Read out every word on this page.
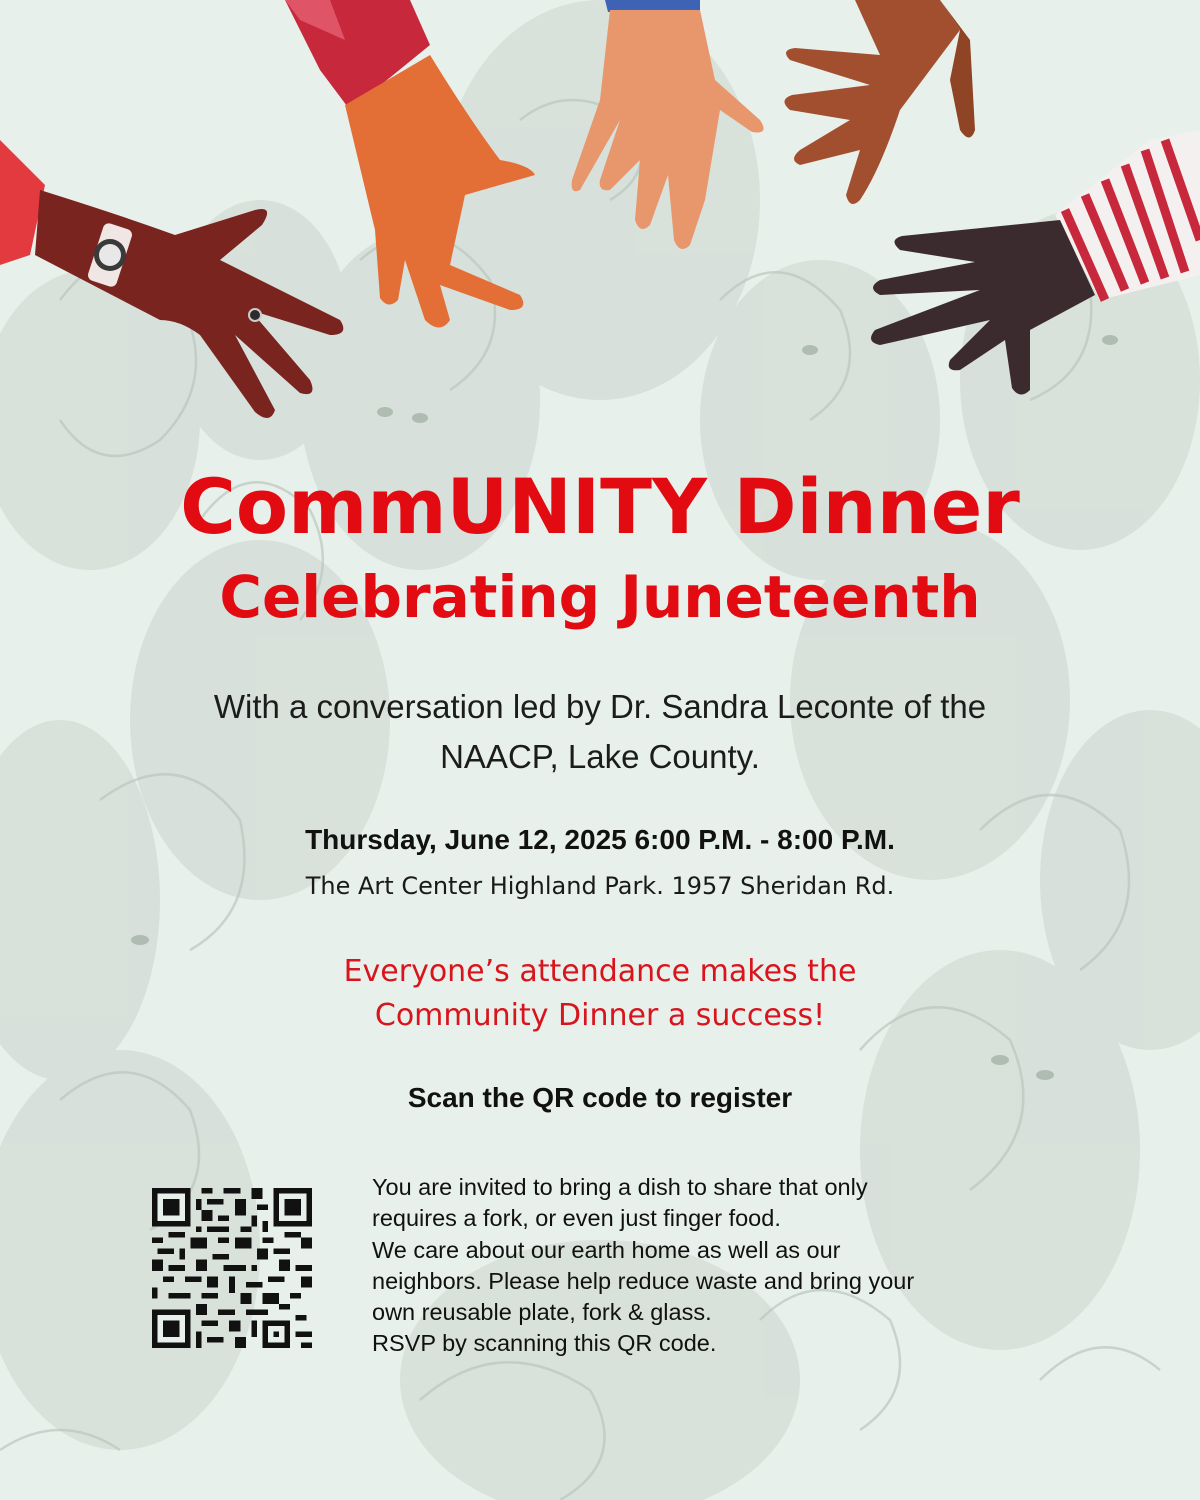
CommUNITY Dinner
Celebrating Juneteenth
With a conversation led by Dr. Sandra Leconte of the
NAACP, Lake County.
Thursday, June 12, 2025 6:00 P.M. - 8:00 P.M.
The Art Center Highland Park. 1957 Sheridan Rd.
Everyone’s attendance makes the
Community Dinner a success!
Scan the QR code to register
You are invited to bring a dish to share that only
requires a fork, or even just finger food.
We care about our earth home as well as our
neighbors. Please help reduce waste and bring your
own reusable plate, fork & glass.
RSVP by scanning this QR code.
